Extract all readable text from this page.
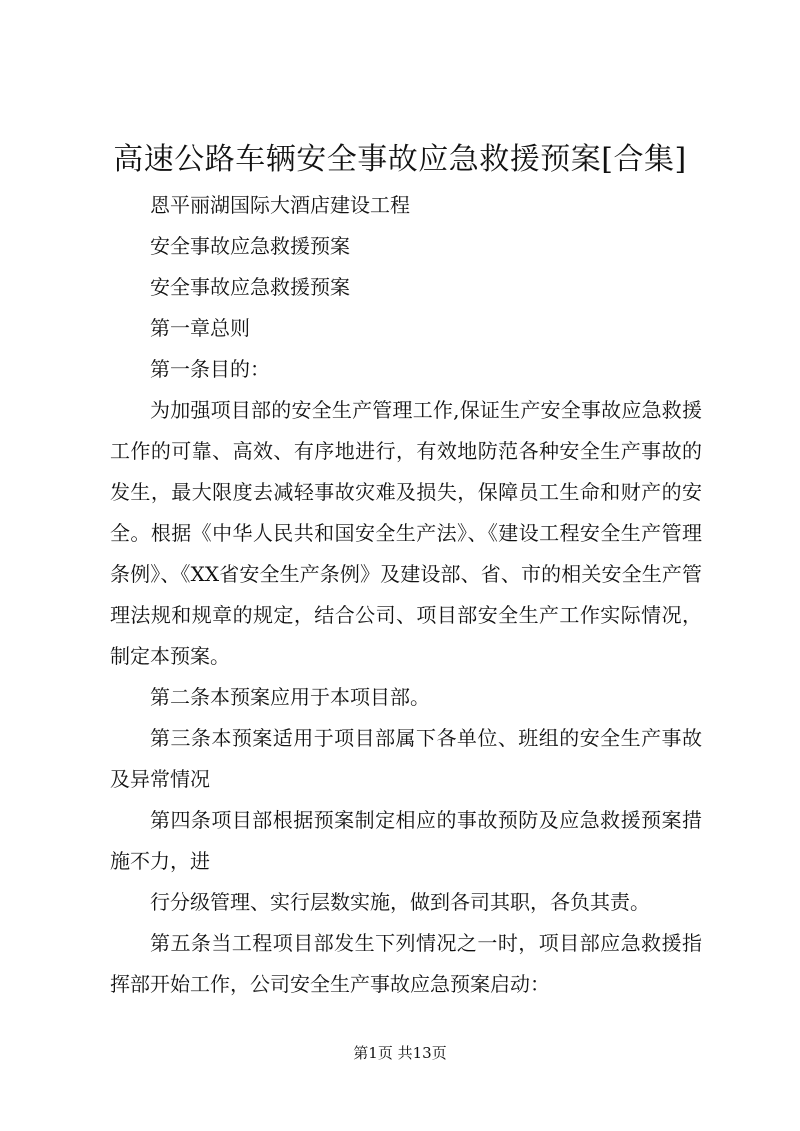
高速公路车辆安全事故应急救援预案[合集]

恩平丽湖国际大酒店建设工程

安全事故应急救援预案

安全事故应急救援预案

第一章总则

第一条目的：

为加强项目部的安全生产管理工作,保证生产安全事故应急救援工作的可靠、高效、有序地进行，有效地防范各种安全生产事故的发生，最大限度去减轻事故灾难及损失，保障员工生命和财产的安全。根据《中华人民共和国安全生产法》、《建设工程安全生产管理条例》、《XX省安全生产条例》及建设部、省、市的相关安全生产管理法规和规章的规定，结合公司、项目部安全生产工作实际情况，制定本预案。

第二条本预案应用于本项目部。

第三条本预案适用于项目部属下各单位、班组的安全生产事故及异常情况

第四条项目部根据预案制定相应的事故预防及应急救援预案措施不力，进

行分级管理、实行层数实施，做到各司其职，各负其责。

第五条当工程项目部发生下列情况之一时，项目部应急救援指挥部开始工作，公司安全生产事故应急预案启动：

第1页 共13页
